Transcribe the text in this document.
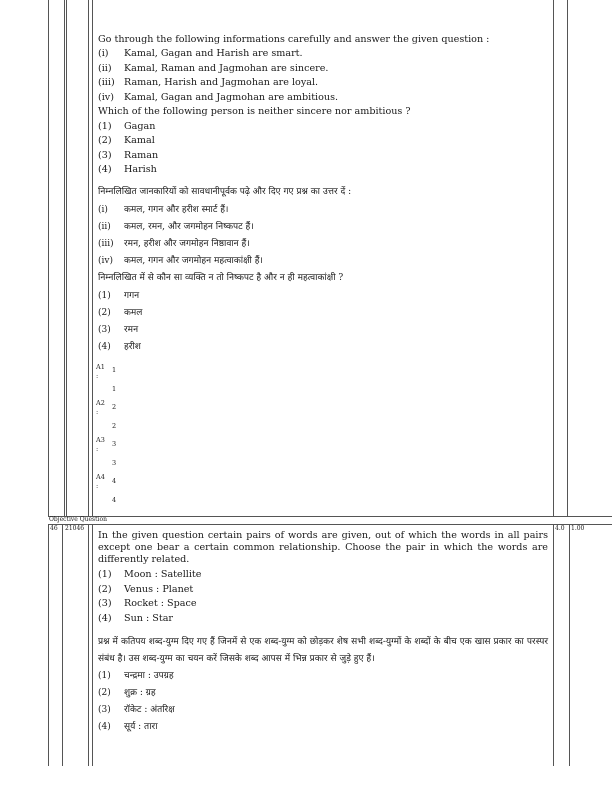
Go through the following informations carefully and answer the given question :
(i) Kamal, Gagan and Harish are smart.
(ii) Kamal, Raman and Jagmohan are sincere.
(iii) Raman, Harish and Jagmohan are loyal.
(iv) Kamal, Gagan and Jagmohan are ambitious.
Which of the following person is neither sincere nor ambitious ?
(1) Gagan
(2) Kamal
(3) Raman
(4) Harish
निम्नलिखित जानकारियों को सावधानीपूर्वक पढ़े और दिए गए प्रश्न का उत्तर दें :
(i) कमल, गगन और हरीश स्मार्ट हैं।
(ii) कमल, रमन, और जगमोहन निष्कपट हैं।
(iii) रमन, हरीश और जगमोहन निष्ठावान हैं।
(iv) कमल, गगन और जगमोहन महत्वाकांक्षी हैं।
निम्नलिखित में से कौन सा व्यक्ति न तो निष्कपट है और न ही महत्वाकांक्षी ?
(1) गगन
(2) कमल
(3) रमन
(4) हरीश
A1
:
1
1
A2
:
2
2
A3
:
3
3
A4
:
4
4
Objective Question
46 21046	4.0 1.00
In the given question certain pairs of words are given, out of which the words in all pairs except one bear a certain common relationship. Choose the pair in which the words are differently related.
(1) Moon : Satellite
(2) Venus : Planet
(3) Rocket : Space
(4) Sun : Star
प्रश्न में कतिपय शब्द-युग्म दिए गए हैं जिनमें से एक शब्द-युग्म को छोड़कर शेष सभी शब्द-युग्मों के शब्दों के बीच एक खास प्रकार का परस्पर संबंध है। उस शब्द-युग्म का चयन करें जिसके शब्द आपस में भिन्न प्रकार से जुड़े हुए हैं।
(1) चन्द्रमा : उपग्रह
(2) शुक्र : ग्रह
(3) रॉकेट : अंतरिक्ष
(4) सूर्य : तारा
